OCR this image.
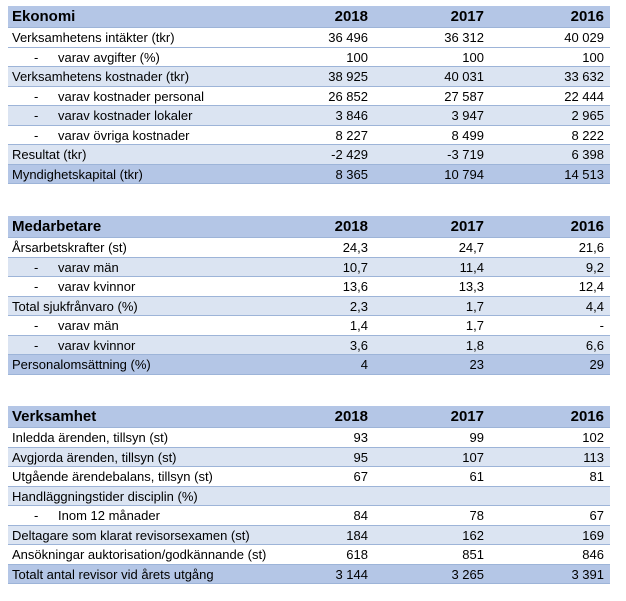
Ekonomi	2018	2017	2016
Verksamhetens intäkter (tkr)	36 496	36 312	40 029
- varav avgifter (%)	100	100	100
Verksamhetens kostnader (tkr)	38 925	40 031	33 632
- varav kostnader personal	26 852	27 587	22 444
- varav kostnader lokaler	3 846	3 947	2 965
- varav övriga kostnader	8 227	8 499	8 222
Resultat (tkr)	-2 429	-3 719	6 398
Myndighetskapital (tkr)	8 365	10 794	14 513
Medarbetare	2018	2017	2016
Årsarbetskrafter (st)	24,3	24,7	21,6
- varav män	10,7	11,4	9,2
- varav kvinnor	13,6	13,3	12,4
Total sjukfrånvaro (%)	2,3	1,7	4,4
- varav män	1,4	1,7	-
- varav kvinnor	3,6	1,8	6,6
Personalomsättning (%)	4	23	29
Verksamhet	2018	2017	2016
Inledda ärenden, tillsyn (st)	93	99	102
Avgjorda ärenden, tillsyn (st)	95	107	113
Utgående ärendebalans, tillsyn (st)	67	61	81
Handläggningstider disciplin (%)
- Inom 12 månader	84	78	67
Deltagare som klarat revisorsexamen (st)	184	162	169
Ansökningar auktorisation/godkännande (st)	618	851	846
Totalt antal revisor vid årets utgång	3 144	3 265	3 391
